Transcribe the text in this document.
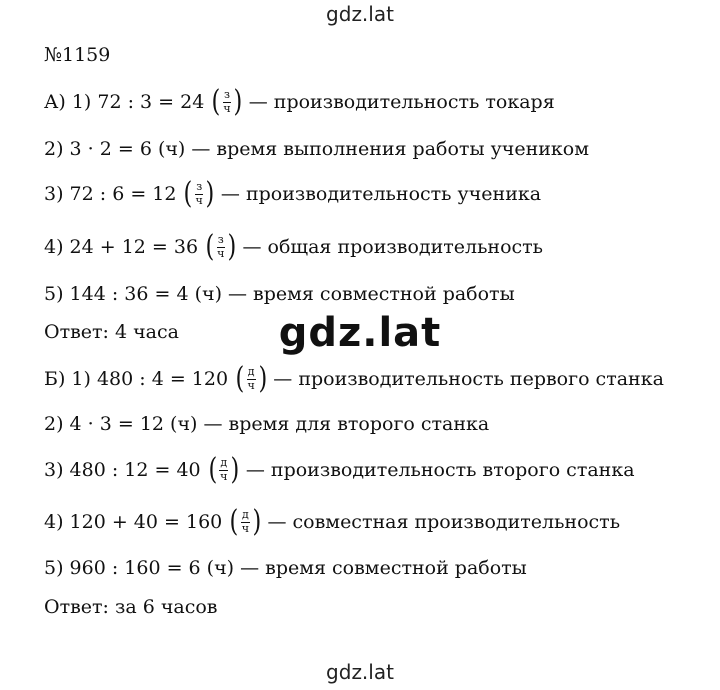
gdz.lat
№1159
А) 1) 72 : 3 = 24 ( з
ч ) — производительность токаря
2) 3 · 2 = 6 (ч) — время выполнения работы учеником
3) 72 : 6 = 12 ( з
ч ) — производительность ученика
4) 24 + 12 = 36 ( з
ч ) — общая производительность
5) 144 : 36 = 4 (ч) — время совместной работы
Ответ: 4 часа	gdz.lat
Б) 1) 480 : 4 = 120 ( д
ч ) — производительность первого станка
2) 4 · 3 = 12 (ч) — время для второго станка
3) 480 : 12 = 40 ( д
ч ) — производительность второго станка
4) 120 + 40 = 160 ( д
ч ) — совместная производительность
5) 960 : 160 = 6 (ч) — время совместной работы
Ответ: за 6 часов
gdz.lat
